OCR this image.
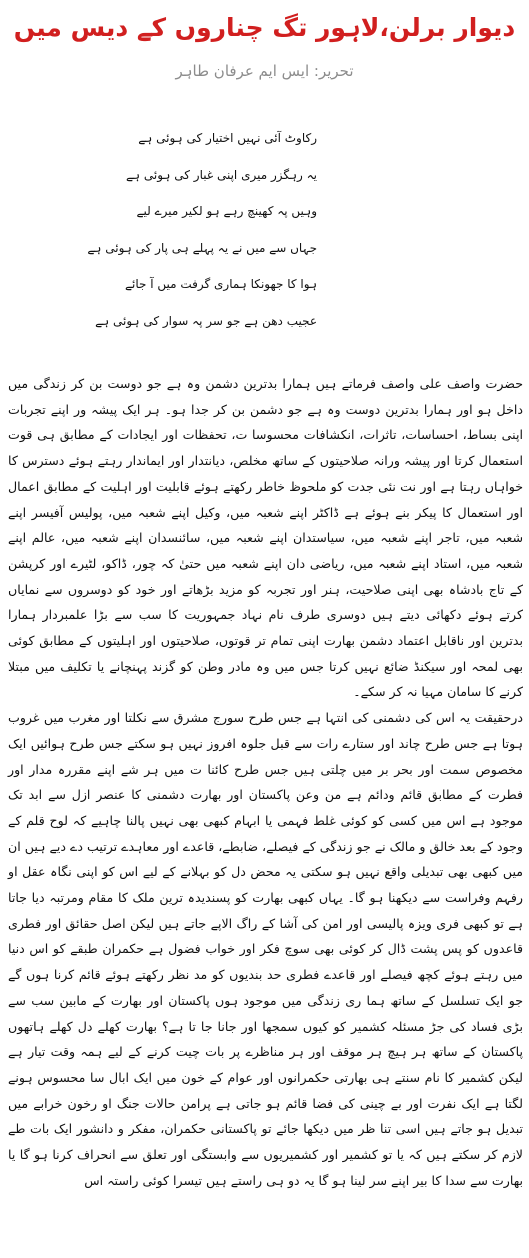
دیوار برلن،لاہور تگ چناروں کے دیس میں
تحریر: ایس ایم عرفان طاہر
رکاوٹ آئی نہیں اختیار کی ہوئی ہے
یہ رہگزر میری اپنی غبار کی ہوئی ہے
وہیں پہ کھینچ رہے ہو لکیر میرے لیے
جہاں سے میں نے یہ پہلے ہی پار کی ہوئی ہے
ہوا کا جھونکا ہماری گرفت میں آ جائے
عجیب دھن ہے جو سر پہ سوار کی ہوئی ہے

حضرت واصف علی واصف فرماتے ہیں ہمارا بدترین دشمن وہ ہے جو دوست بن کر زندگی میں داخل ہو اور ہمارا بدترین دوست وہ ہے جو دشمن بن کر جدا ہو۔ ہر ایک پیشہ ور اپنے تجربات اپنی بساط، احساسات، تاثرات، انکشافات محسوسا ت، تحفظات اور ایجادات کے مطابق ہی قوت استعمال کرتا اور پیشہ ورانہ صلاحیتوں کے ساتھ مخلص، دیانتدار اور ایماندار رہتے ہوئے دسترس کا خواہاں رہتا ہے اور نت نئی جدت کو ملحوظ خاطر رکھتے ہوئے قابلیت اور اہلیت کے مطابق اعمال اور استعمال کا پیکر بنے ہوئے ہے ڈاکٹر اپنے شعبہ میں، وکیل اپنے شعبہ میں، پولیس آفیسر اپنے شعبہ میں، تاجر اپنے شعبہ میں، سیاستدان اپنے شعبہ میں، سائنسدان اپنے شعبہ میں، عالم اپنے شعبہ میں، استاد اپنے شعبہ میں، ریاضی دان اپنے شعبہ میں حتیٰ کہ چور، ڈاکو، لٹیرے اور کرپشن کے تاج بادشاہ بھی اپنی صلاحیت، ہنر اور تجربہ کو مزید بڑھاتے اور خود کو دوسروں سے نمایاں کرتے ہوئے دکھائی دیتے ہیں دوسری طرف نام نہاد جمہوریت کا سب سے بڑا علمبردار ہمارا بدترین اور ناقابل اعتماد دشمن بھارت اپنی تمام تر قوتوں، صلاحیتوں اور اہلیتوں کے مطابق کوئی بھی لمحہ اور سیکنڈ ضائع نہیں کرتا جس میں وہ مادر وطن کو گزند پہنچانے یا تکلیف میں مبتلا کرنے کا سامان مہیا نہ کر سکے۔

درحقیقت یہ اس کی دشمنی کی انتہا ہے جس طرح سورج مشرق سے نکلتا اور مغرب میں غروب ہوتا ہے جس طرح چاند اور ستارے رات سے قبل جلوہ افروز نہیں ہو سکتے جس طرح ہوائیں ایک مخصوص سمت اور بحر بر میں چلتی ہیں جس طرح کائنا ت میں ہر شے اپنے مقررہ مدار اور فطرت کے مطابق قائم ودائم ہے من وعن پاکستان اور بھارت دشمنی کا عنصر ازل سے ابد تک موجود ہے اس میں کسی کو کوئی غلط فہمی یا ابہام کبھی بھی نہیں پالنا چاہیے کہ لوح قلم کے وجود کے بعد خالق و مالک نے جو زندگی کے فیصلے، ضابطے، قاعدے اور معاہدے ترتیب دے دیے ہیں ان میں کبھی بھی تبدیلی واقع نہیں ہو سکتی یہ محض دل کو بہلانے کے لیے اس کو اپنی نگاہ عقل او رفہم وفراست سے دیکھنا ہو گا۔ یہاں کبھی بھارت کو پسندیدہ ترین ملک کا مقام ومرتبہ دیا جاتا ہے تو کبھی فری ویزہ پالیسی اور امن کی آشا کے راگ الاپے جاتے ہیں لیکن اصل حقائق اور فطری قاعدوں کو پس پشت ڈال کر کوئی بھی سوچ فکر اور خواب فضول ہے حکمران طبقے کو اس دنیا میں رہتے ہوئے کچھ فیصلے اور قاعدے فطری حد بندیوں کو مد نظر رکھتے ہوئے قائم کرنا ہوں گے جو ایک تسلسل کے ساتھ ہما ری زندگی میں موجود ہوں پاکستان اور بھارت کے مابین سب سے بڑی فساد کی جڑ مسئلہ کشمیر کو کیوں سمجھا اور جانا جا تا ہے؟ بھارت کھلے دل کھلے ہاتھوں پاکستان کے ساتھ ہر ہیچ ہر موقف اور ہر مناظرے پر بات چیت کرنے کے لیے ہمہ وقت تیار ہے لیکن کشمیر کا نام سنتے ہی بھارتی حکمرانوں اور عوام کے خون میں ایک ابال سا محسوس ہونے لگتا ہے ایک نفرت اور بے چینی کی فضا قائم ہو جاتی ہے پرامن حالات جنگ او رخون خرابے میں تبدیل ہو جاتے ہیں اسی تنا ظر میں دیکھا جائے تو پاکستانی حکمران، مفکر و دانشور ایک بات طے لازم کر سکتے ہیں کہ یا تو کشمیر اور کشمیریوں سے وابستگی اور تعلق سے انحراف کرنا ہو گا یا بھارت سے سدا کا بیر اپنے سر لینا ہو گا یہ دو ہی راستے ہیں تیسرا کوئی راستہ اس
